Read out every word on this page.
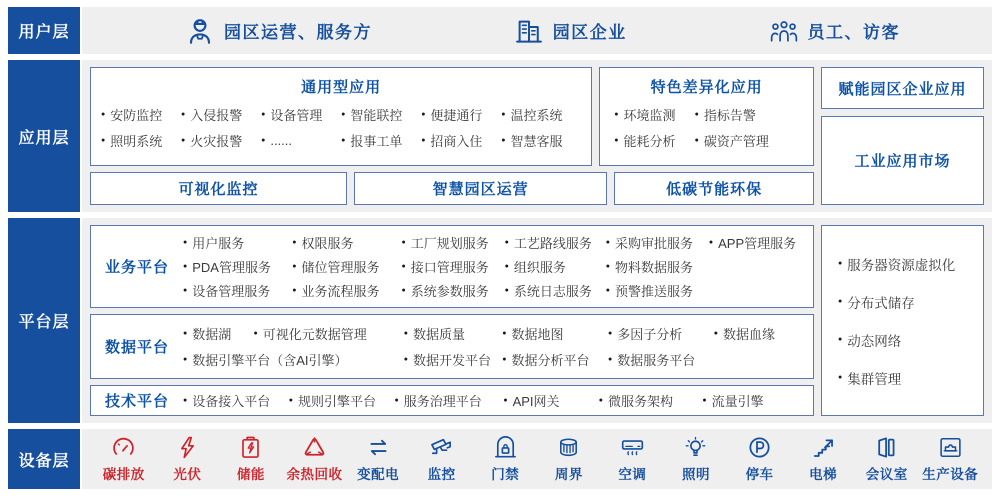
用户层	园区运营、服务方	园区企业	员工、访客
应用层
通用型应用
● 安防监控	● 入侵报警	● 设备管理	● 智能联控	● 便捷通行	● 温控系统
● 照明系统	● 火灾报警	● ......	● 报事工单	● 招商入住	● 智慧客服
特色差异化应用
● 环境监测	● 指标告警
● 能耗分析	● 碳资产管理
可视化监控	智慧园区运营	低碳节能环保
赋能园区企业应用
工业应用市场
平台层
业务平台
● 用户服务	● 权限服务	● 工厂规划服务 ● 工艺路线服务 ● 采购审批服务 ● APP管理服务
● PDA管理服务	● 储位管理服务	● 接口管理服务 ● 组织服务	● 物料数据服务
● 设备管理服务	● 业务流程服务	● 系统参数服务 ● 系统日志服务 ● 预警推送服务
数据平台
● 数据湖	● 可视化元数据管理	● 数据质量	● 数据地图	● 多因子分析	● 数据血缘
● 数据引擎平台（含AI引擎）	● 数据开发平台 ● 数据分析平台	● 数据服务平台
技术平台	● 设备接入平台	● 规则引擎平台	● 服务治理平台	● API网关	● 微服务架构	● 流量引擎
● 服务器资源虚拟化
● 分布式储存
● 动态网络
● 集群管理
设备层
碳排放 光伏	储能 余热回收 变配电 监控	门禁	周界	空调	照明	停车	电梯 会议室 生产设备
